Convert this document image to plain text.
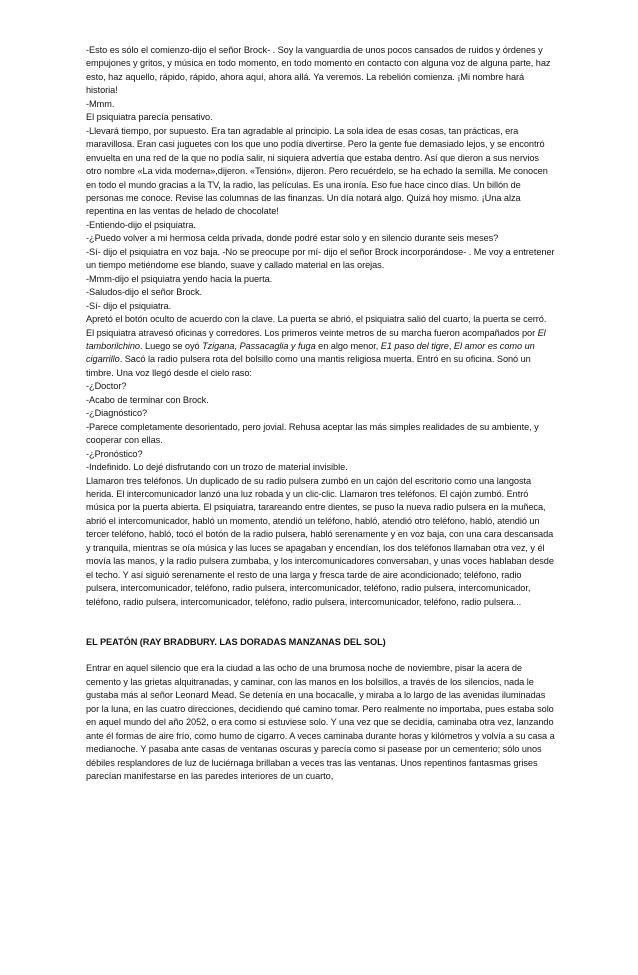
-Esto es sólo el comienzo-dijo el señor Brock- . Soy la vanguardia de unos pocos cansados de ruidos y órdenes y empujones y gritos, y música en todo momento, en todo momento en contacto con alguna voz de alguna parte, haz esto, haz aquello, rápido, rápido, ahora aquí, ahora allá. Ya veremos. La rebelión comienza. ¡Mi nombre hará historia!

-Mmm.

El psiquiatra parecía pensativo.

-Llevará tiempo, por supuesto. Era tan agradable al principio. La sola idea de esas cosas, tan prácticas, era maravillosa. Eran casi juguetes con los que uno podía divertirse. Pero la gente fue demasiado lejos, y se encontró envuelta en una red de la que no podía salir, ni siquiera advertía que estaba dentro. Así que dieron a sus nervios otro nombre «La vida moderna»,dijeron. «Tensión», dijeron. Pero recuérdelo, se ha echado la semilla. Me conocen en todo el mundo gracias a la TV, la radio, las películas. Es una ironía. Eso fue hace cinco días. Un billón de personas me conoce. Revise las columnas de las finanzas. Un día notará algo. Quizá hoy mismo. ¡Una alza repentina en las ventas de helado de chocolate!

-Entiendo-dijo el psiquiatra.

-¿Puedo volver a mi hermosa celda privada, donde podré estar solo y en silencio durante seis meses?

-Sí- dijo el psiquiatra en voz baja. -No se preocupe por mí- dijo el señor Brock incorporándose- . Me voy a entretener un tiempo metiéndome ese blando, suave y callado material en las orejas.

-Mmm-dijo el psiquiatra yendo hacia la puerta.

-Saludos-dijo el señor Brock.

-Sí- dijo el psiquiatra.

Apretó el botón oculto de acuerdo con la clave. La puerta se abrió, el psiquiatra salió del cuarto, la puerta se cerró. El psiquiatra atravesó oficinas y corredores. Los primeros veinte metros de su marcha fueron acompañados por El tamborilchino. Luego se oyó Tzigana, Passacaglia y fuga en algo menor, E1 paso del tigre, El amor es como un cigarrillo. Sacó la radio pulsera rota del bolsillo como una mantis religiosa muerta. Entró en su oficina. Sonó un timbre. Una voz llegó desde el cielo raso:

-¿Doctor?

-Acabo de terminar con Brock.

-¿Diagnóstico?

-Parece completamente desorientado, pero jovial. Rehusa aceptar las más simples realidades de su ambiente, y cooperar con ellas.

-¿Pronóstico?

-Indefinido. Lo dejé disfrutando con un trozo de material invisible.

Llamaron tres teléfonos. Un duplicado de su radio pulsera zumbó en un cajón del escritorio como una langosta herida. El intercomunicador lanzó una luz robada y un clic-clic. Llamaron tres teléfonos. El cajón zumbó. Entró música por la puerta abierta. El psiquiatra, tarareando entre dientes, se puso la nueva radio pulsera en la muñeca, abrió el intercomunicador, habló un momento, atendió un teléfono, habló, atendió otro teléfono, habló, atendió un tercer teléfono, habló, tocó el botón de la radio pulsera, habló serenamente y en voz baja, con una cara descansada y tranquila, mientras se oía música y las luces se apagaban y encendían, los dos teléfonos llamaban otra vez, y él movía las manos, y la radio pulsera zumbaba, y los intercomunicadores conversaban, y unas voces hablaban desde el techo. Y así siguió serenamente el resto de una larga y fresca tarde de aire acondicionado; teléfono, radio pulsera, intercomunicador, teléfono, radio pulsera, intercomunicador, teléfono, radio pulsera, intercomunicador, teléfono, radio pulsera, intercomunicador, teléfono, radio pulsera, intercomunicador, teléfono, radio pulsera...

EL PEATÓN (RAY BRADBURY. LAS DORADAS MANZANAS DEL SOL)

Entrar en aquel silencio que era la ciudad a las ocho de una brumosa noche de noviembre, pisar la acera de cemento y las grietas alquitranadas, y caminar, con las manos en los bolsillos, a través de los silencios, nada le gustaba más al señor Leonard Mead. Se detenía en una bocacalle, y miraba a lo largo de las avenidas iluminadas por la luna, en las cuatro direcciones, decidiendo qué camino tomar. Pero realmente no importaba, pues estaba solo en aquel mundo del año 2052, o era como si estuviese solo. Y una vez que se decidía, caminaba otra vez, lanzando ante él formas de aire frío, como humo de cigarro. A veces caminaba durante horas y kilómetros y volvía a su casa a medianoche. Y pasaba ante casas de ventanas oscuras y parecía como si pasease por un cementerio; sólo unos débiles resplandores de luz de luciérnaga brillaban a veces tras las ventanas. Unos repentinos fantasmas grises parecían manifestarse en las paredes interiores de un cuarto,
